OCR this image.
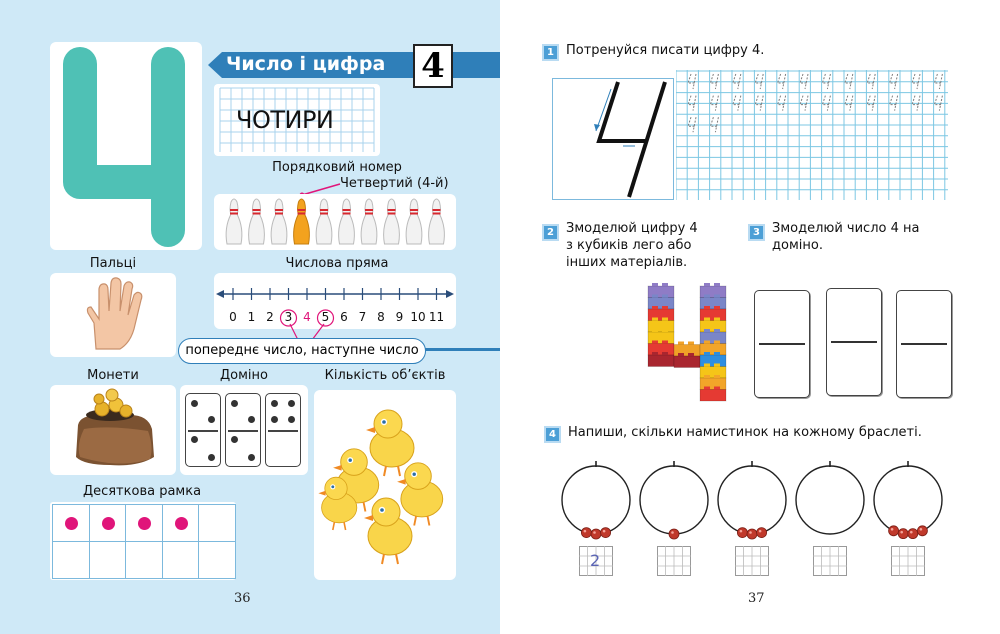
Число і цифра 4
ЧОТИРИ
Порядковий номер
Четвертий (4-й)
Пальці	Числова пряма
0 1 2 3 4 5 6 7 8 9 10 11
попереднє число, наступне число
Монети	Доміно	Кількість об’єктів
Десяткова рамка
36
1 Потренуйся писати цифру 4.
2 Змоделюй цифру 4
з кубиків лего або
інших матеріалів.
3 Змоделюй число 4 на
доміно.
4 Напиши, скільки намистинок на кожному браслеті.
2
37
